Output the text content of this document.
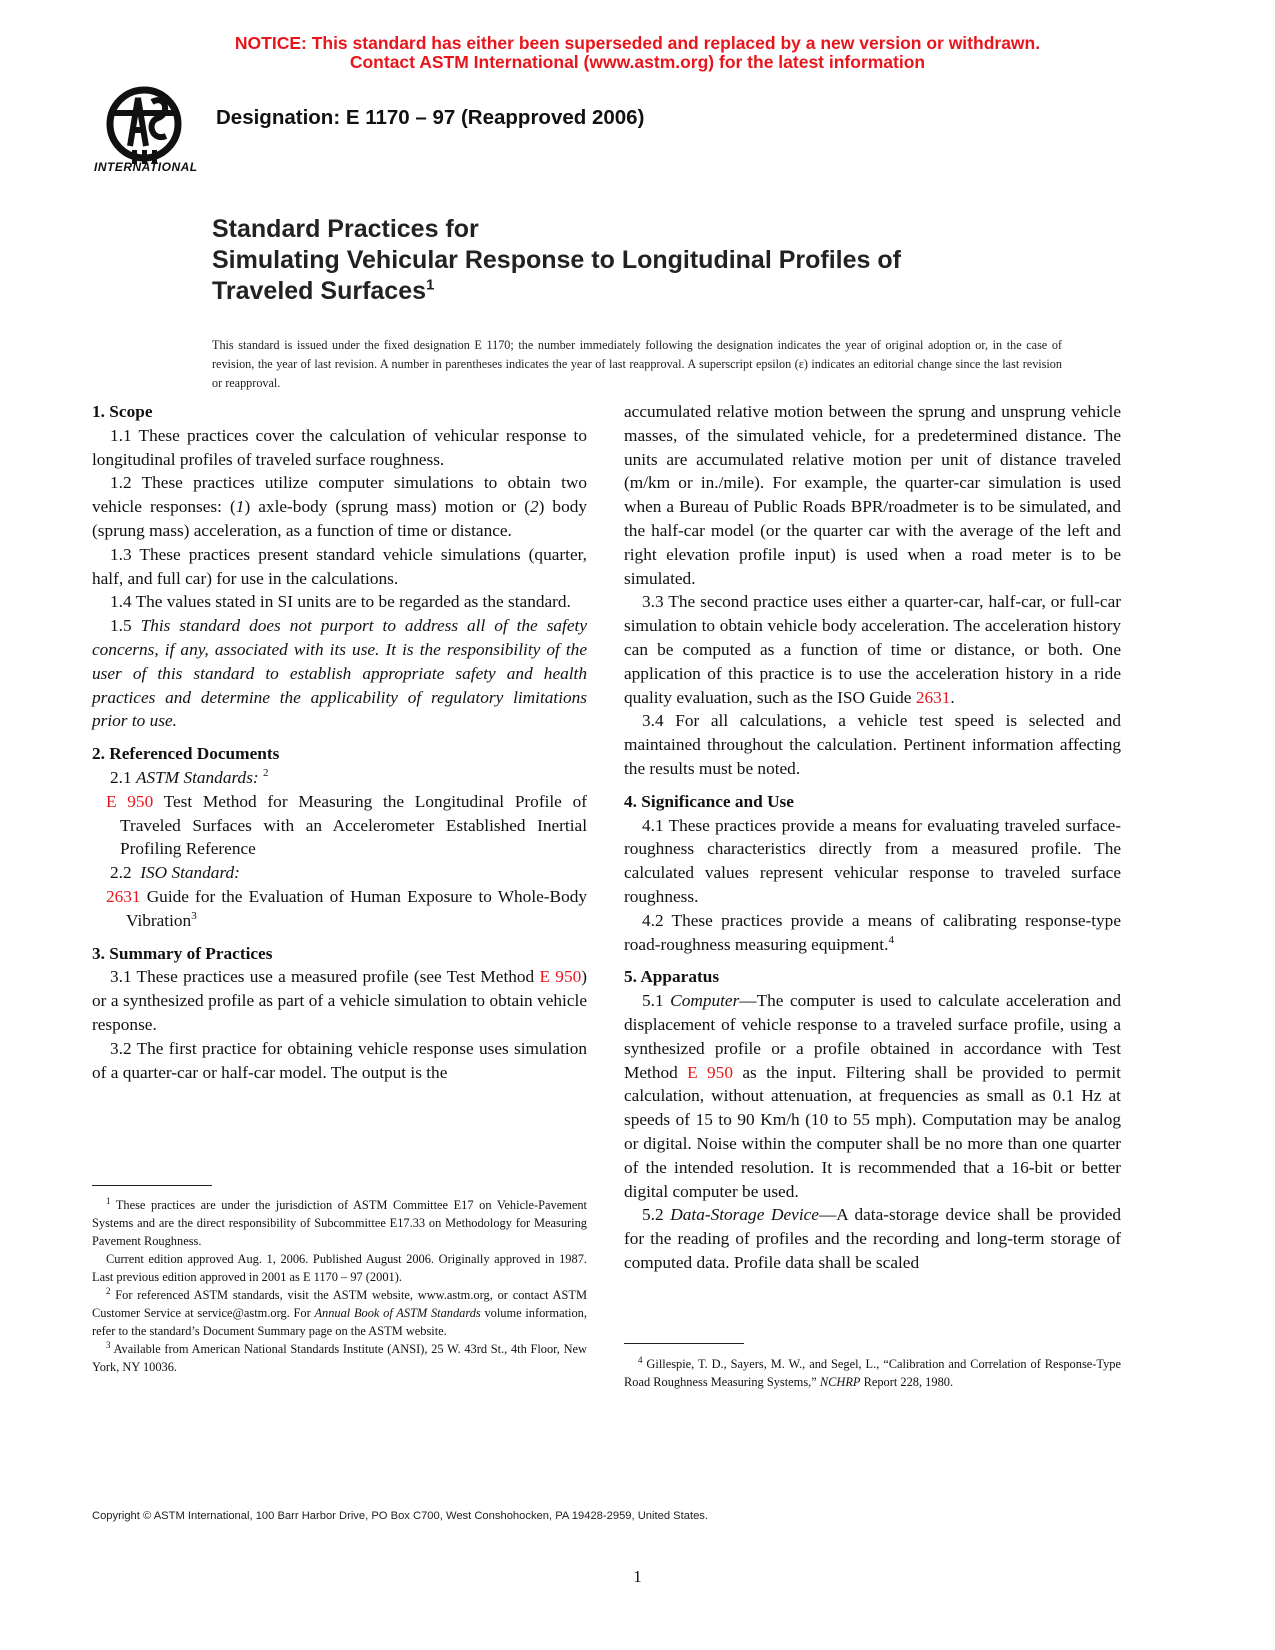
NOTICE: This standard has either been superseded and replaced by a new version or withdrawn.
Contact ASTM International (www.astm.org) for the latest information
INTERNATIONAL
Designation: E 1170 – 97 (Reapproved 2006)
Standard Practices for
Simulating Vehicular Response to Longitudinal Profiles of
Traveled Surfaces$^1$
This standard is issued under the fixed designation E 1170; the number immediately following the designation indicates the year of original adoption or, in the case of revision, the year of last revision. A number in parentheses indicates the year of last reapproval. A superscript epsilon (ε) indicates an editorial change since the last revision or reapproval.
1. Scope

1.1 These practices cover the calculation of vehicular response to longitudinal profiles of traveled surface roughness.

1.2 These practices utilize computer simulations to obtain two vehicle responses: (1) axle-body (sprung mass) motion or (2) body (sprung mass) acceleration, as a function of time or distance.

1.3 These practices present standard vehicle simulations (quarter, half, and full car) for use in the calculations.

1.4 The values stated in SI units are to be regarded as the standard.

1.5 This standard does not purport to address all of the safety concerns, if any, associated with its use. It is the responsibility of the user of this standard to establish appropriate safety and health practices and determine the applicability of regulatory limitations prior to use.

2. Referenced Documents

2.1 ASTM Standards: $^2$

E 950 Test Method for Measuring the Longitudinal Profile of Traveled Surfaces with an Accelerometer Established Inertial Profiling Reference

2.2 ISO Standard:

2631 Guide for the Evaluation of Human Exposure to Whole-Body Vibration$^3$

3. Summary of Practices

3.1 These practices use a measured profile (see Test Method E 950) or a synthesized profile as part of a vehicle simulation to obtain vehicle response.

3.2 The first practice for obtaining vehicle response uses simulation of a quarter-car or half-car model. The output is the

$^1$ These practices are under the jurisdiction of ASTM Committee E17 on Vehicle-Pavement Systems and are the direct responsibility of Subcommittee E17.33 on Methodology for Measuring Pavement Roughness.

Current edition approved Aug. 1, 2006. Published August 2006. Originally approved in 1987. Last previous edition approved in 2001 as E 1170 – 97 (2001).

$^2$ For referenced ASTM standards, visit the ASTM website, www.astm.org, or contact ASTM Customer Service at service@astm.org. For Annual Book of ASTM Standards volume information, refer to the standard’s Document Summary page on the ASTM website.

$^3$ Available from American National Standards Institute (ANSI), 25 W. 43rd St., 4th Floor, New York, NY 10036.

accumulated relative motion between the sprung and unsprung vehicle masses, of the simulated vehicle, for a predetermined distance. The units are accumulated relative motion per unit of distance traveled (m/km or in./mile). For example, the quarter-car simulation is used when a Bureau of Public Roads BPR/roadmeter is to be simulated, and the half-car model (or the quarter car with the average of the left and right elevation profile input) is used when a road meter is to be simulated.

3.3 The second practice uses either a quarter-car, half-car, or full-car simulation to obtain vehicle body acceleration. The acceleration history can be computed as a function of time or distance, or both. One application of this practice is to use the acceleration history in a ride quality evaluation, such as the ISO Guide 2631.

3.4 For all calculations, a vehicle test speed is selected and maintained throughout the calculation. Pertinent information affecting the results must be noted.

4. Significance and Use

4.1 These practices provide a means for evaluating traveled surface-roughness characteristics directly from a measured profile. The calculated values represent vehicular response to traveled surface roughness.

4.2 These practices provide a means of calibrating response-type road-roughness measuring equipment.$^4$

5. Apparatus

5.1 Computer—The computer is used to calculate acceleration and displacement of vehicle response to a traveled surface profile, using a synthesized profile or a profile obtained in accordance with Test Method E 950 as the input. Filtering shall be provided to permit calculation, without attenuation, at frequencies as small as 0.1 Hz at speeds of 15 to 90 Km/h (10 to 55 mph). Computation may be analog or digital. Noise within the computer shall be no more than one quarter of the intended resolution. It is recommended that a 16-bit or better digital computer be used.

5.2 Data-Storage Device—A data-storage device shall be provided for the reading of profiles and the recording and long-term storage of computed data. Profile data shall be scaled

$^4$ Gillespie, T. D., Sayers, M. W., and Segel, L., “Calibration and Correlation of Response-Type Road Roughness Measuring Systems,” NCHRP Report 228, 1980.

Copyright © ASTM International, 100 Barr Harbor Drive, PO Box C700, West Conshohocken, PA 19428-2959, United States.
1
